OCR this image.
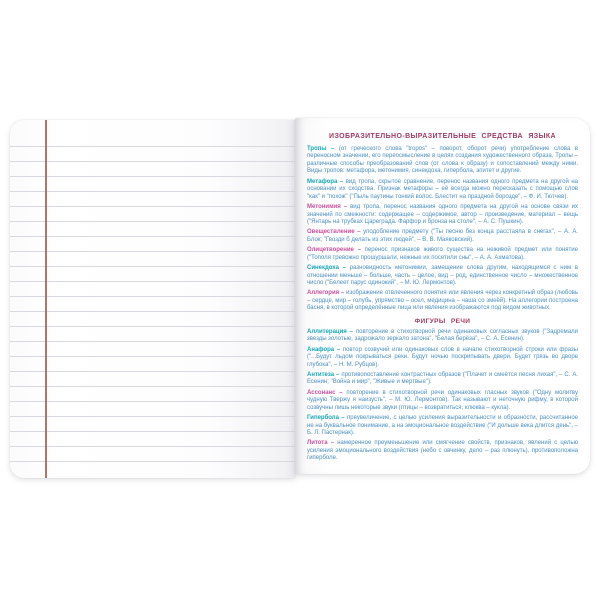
ИЗОБРАЗИТЕЛЬНО-ВЫРАЗИТЕЛЬНЫЕ СРЕДСТВА ЯЗЫКА

Тропы – (от греческого слова "tropos" – поворот, оборот речи) употребление слова в переносном значении, его переосмысление в целях создания художественного образа. Тропы – различные способы преобразований слов (от слова к образу) и сопоставлений между ними. Виды тропов: метафора, метонимия, синекдоха, гипербола, эпитет и другие.

Метафора – вид тропа, скрытое сравнение, перенос названия одного предмета на другой на основании их сходства. Признак метафоры – её всегда можно пересказать с помощью слов "как" и "похож" ("Пыль паутины тонкий волос. Блестит на праздной борозде", – Ф. И. Тютчев).

Метонимия – вид тропа, перенос названия одного предмета на другой на основе связи их значений по смежности: содержащее – содержимое, автор – произведение, материал – вещь ("Янтарь на трубках Цареграда. Фарфор и бронза на столе", – А. С. Пушкин).

Овеществление – уподобление предмету ("Ты песню без конца расстаяла в снегах", – А. А. Блок; "Гвозди б делать из этих людей", – В. В. Маяковский).

Олицетворение – перенос признаков живого существа на неживой предмет или понятие ("Тополя тревожно прошуршали, нежные их посетили сны", – А. А. Ахматова).

Синекдоха – разновидность метонимии, замещение слова другим, находящимся с ним в отношении меньше – больше, часть – целое, вид – род, единственное число – множественное число ("Белеет парус одинокий", – М. Ю. Лермонтов).

Аллегория – изображение отвлеченного понятия или явления через конкретный образ (любовь – сердце, мир – голубь, упрямство – осел, медицина – чаша со змеёй). На аллегории построена басня, в которой определённые лица или явления изображаются под видом животных.

ФИГУРЫ РЕЧИ

Аллитерация – повторение в стихотворной речи одинаковых согласных звуков ("Задремали звезды золотые, задрожало зеркало затона", "Белая берёза", – С. А. Есенин).

Анафора – повтор созвучий или одинаковых слов в начале стихотворной строки или фразы ("...Будут льдом покрываться реки. Будут ночью поскрипывать двери. Будет грязь во дворе глубока", – Н. М. Рубцов).

Антитеза – противопоставление контрастных образов ("Плачет и смеётся песня лихая", – С. А. Есенин; "Война и мир", "Живые и мертвые").

Ассонанс – повторение в стихотворной речи одинаковых гласных звуков ("Одну молитву чудную Твержу я наизусть", – М. Ю. Лермонтов). Так называют и неточную рифму, в которой созвучны лишь некоторые звуки (птицы – возвратиться, клюква – кукла).

Гипербола – преувеличение, с целью усиления выразительности и образности, рассчитанное не на буквальное понимание, а на эмоциональное воздействие ("И дольше века длится день", – Б. Л. Пастернак).

Литота – намеренное преуменьшение или смягчение свойств, признаков, явлений с целью усиления эмоционального воздействия (небо с овчинку, дело – раз плюнуть), противоположна гиперболе.
